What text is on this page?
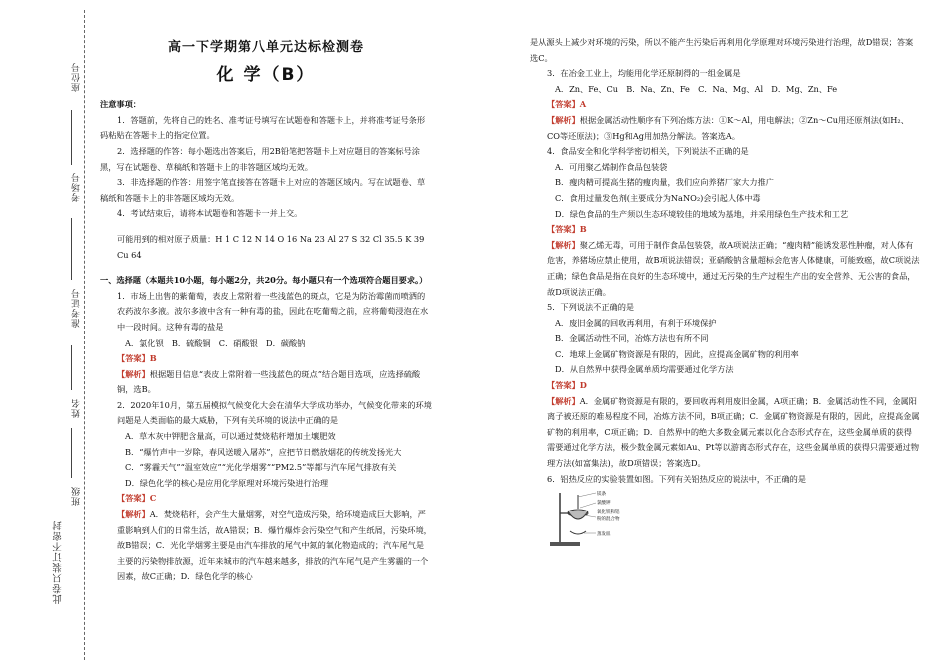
座位号
考场号
准考证号
姓名
班级
此卷只装订不密封
高一下学期第八单元达标检测卷
化 学（B）

注意事项：

1．答题前，先将自己的姓名、准考证号填写在试题卷和答题卡上，并将准考证号条形码粘贴在答题卡上的指定位置。

2．选择题的作答：每小题选出答案后，用2B铅笔把答题卡上对应题目的答案标号涂黑，写在试题卷、草稿纸和答题卡上的非答题区域均无效。

3．非选择题的作答：用签字笔直接答在答题卡上对应的答题区域内。写在试题卷、草稿纸和答题卡上的非答题区域均无效。

4．考试结束后，请将本试题卷和答题卡一并上交。

可能用到的相对原子质量：H 1 C 12 N 14 O 16 Na 23 Al 27 S 32 Cl 35.5 K 39 Cu 64

一、选择题（本题共10小题，每小题2分，共20分。每小题只有一个选项符合题目要求。）

1．市场上出售的紫葡萄，表皮上常附着一些浅蓝色的斑点，它是为防治霉菌而喷洒的农药波尔多液。波尔多液中含有一种有毒的盐，因此在吃葡萄之前，应将葡萄浸泡在水中一段时间。这种有毒的盐是

A．氯化钡　B．硫酸铜　C．硝酸银　D．碳酸钠

【答案】B

【解析】根据题目信息“表皮上常附着一些浅蓝色的斑点”结合题目选项，应选择硫酸铜，选B。

2．2020年10月，第五届模拟气候变化大会在清华大学成功举办，气候变化带来的环境问题是人类面临的最大威胁，下列有关环境的说法中正确的是

A．草木灰中钾肥含量高，可以通过焚烧秸秆增加土壤肥效

B．“爆竹声中一岁除，春风送暖入屠苏”，应把节日燃放烟花的传统发扬光大

C．“雾霾天气”“温室效应”“光化学烟雾”“PM2.5”等都与汽车尾气排放有关

D．绿色化学的核心是应用化学原理对环境污染进行治理

【答案】C

【解析】A．焚烧秸秆，会产生大量烟雾，对空气造成污染，给环境造成巨大影响，严重影响到人们的日常生活，故A错误；B．爆竹爆炸会污染空气和产生纸屑，污染环境，故B错误；C．光化学烟雾主要是由汽车排放的尾气中氮的氧化物造成的；汽车尾气是主要的污染物排放源，近年来城市的汽车越来越多，排放的汽车尾气是产生雾霾的一个因素，故C正确；D．绿色化学的核心

是从源头上减少对环境的污染，所以不能产生污染后再利用化学原理对环境污染进行治理，故D错误；答案选C。

3．在冶金工业上，均能用化学还原制得的一组金属是

A．Zn、Fe、Cu　B．Na、Zn、Fe　C．Na、Mg、Al　D．Mg、Zn、Fe

【答案】A

【解析】根据金属活动性顺序有下列冶炼方法：①K～Al，用电解法；②Zn～Cu用还原剂法(如H₂、CO等还原法)；③Hg和Ag用加热分解法。答案选A。

4．食品安全和化学科学密切相关，下列说法不正确的是

A．可用聚乙烯制作食品包装袋

B．瘦肉精可提高生猪的瘦肉量，我们应向养猪厂家大力推广

C．食用过量发色剂(主要成分为NaNO₂)会引起人体中毒

D．绿色食品的生产须以生态环境较佳的地域为基地，并采用绿色生产技术和工艺

【答案】B

【解析】聚乙烯无毒，可用于制作食品包装袋，故A项说法正确；“瘦肉精”能诱发恶性肿瘤，对人体有危害，养猪场应禁止使用，故B项说法错误；亚硝酸钠含量超标会危害人体健康，可能致癌，故C项说法正确；绿色食品是指在良好的生态环境中，通过无污染的生产过程生产出的安全营养、无公害的食品，故D项说法正确。

5．下列说法不正确的是

A．废旧金属的回收再利用，有利于环境保护

B．金属活动性不同，冶炼方法也有所不同

C．地球上金属矿物资源是有限的，因此，应提高金属矿物的利用率

D．从自然界中获得金属单质均需要通过化学方法

【答案】D

【解析】A．金属矿物资源是有限的，要回收再利用废旧金属，A项正确；B．金属活动性不同，金属阳离子被还原的难易程度不同，冶炼方法不同，B项正确；C．金属矿物资源是有限的，因此，应提高金属矿物的利用率，C项正确；D．自然界中的绝大多数金属元素以化合态形式存在，这些金属单质的获得需要通过化学方法，极少数金属元素如Au、Pt等以游离态形式存在，这些金属单质的获得只需要通过物理方法(如富集法)，故D项错误；答案选D。

6．铝热反应的实验装置如图。下列有关铝热反应的说法中，不正确的是

镁条
氯酸钾
氧化铁和铝
粉的混合物
蒸发皿
